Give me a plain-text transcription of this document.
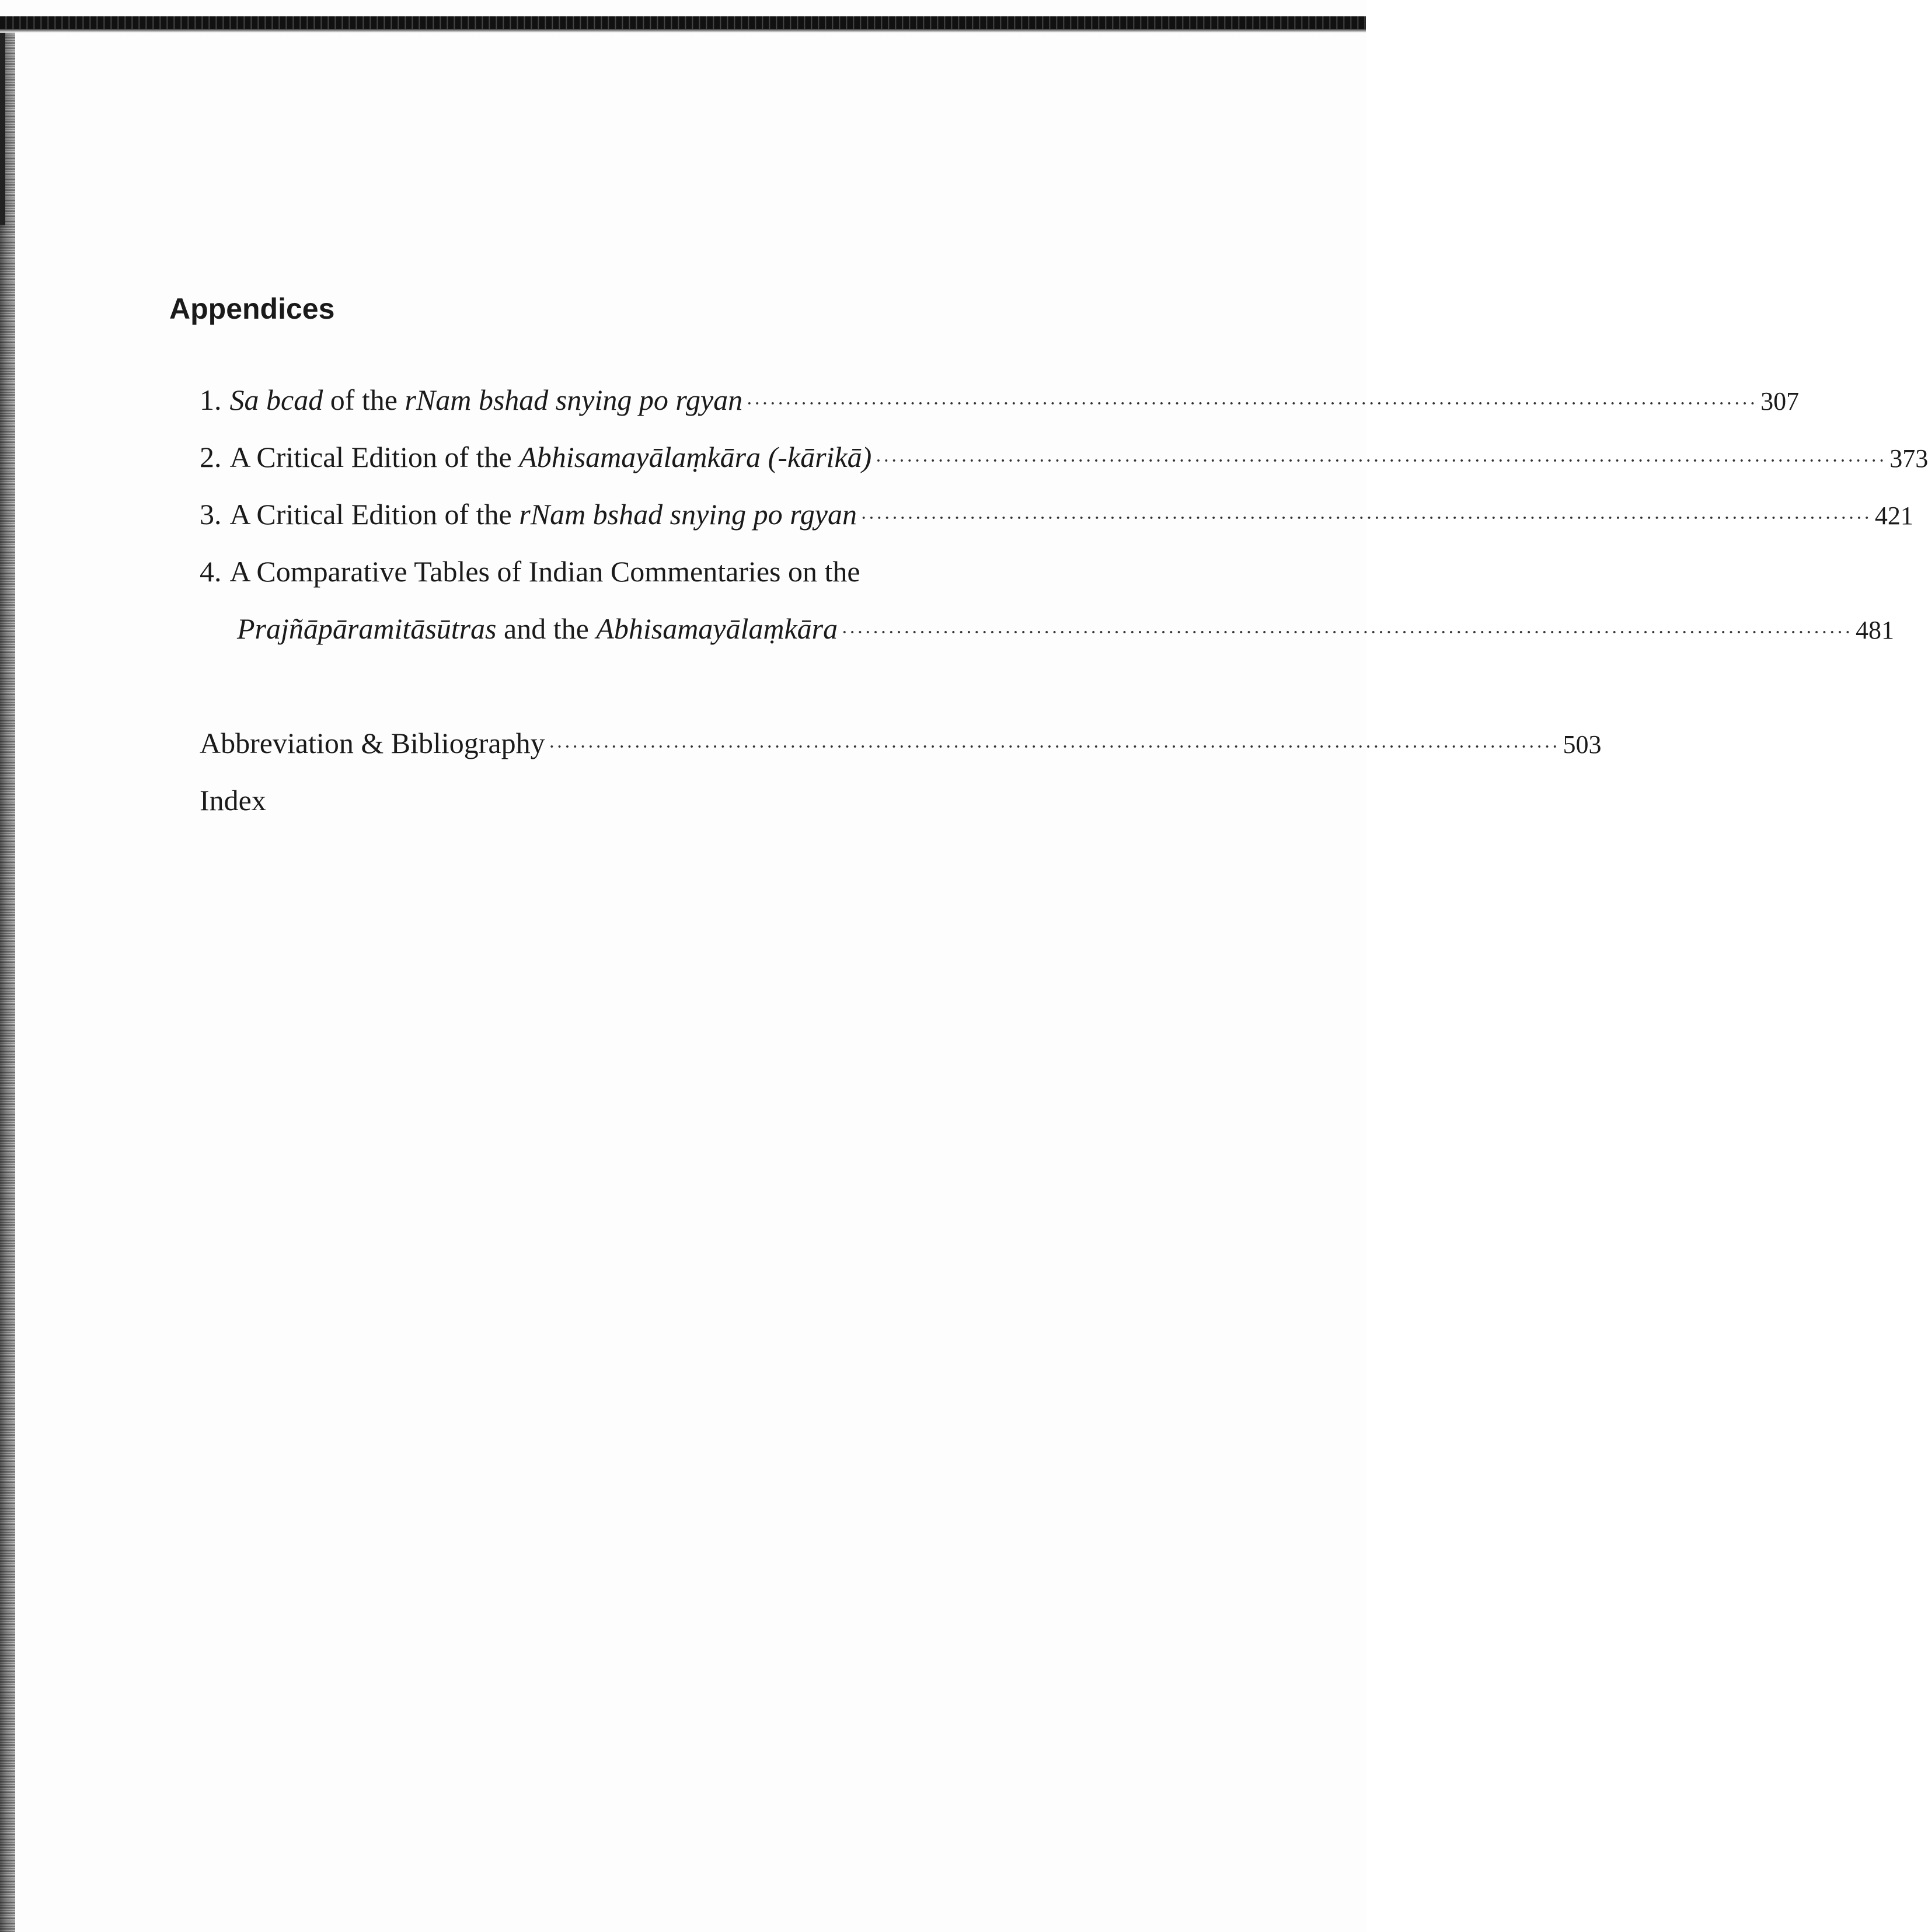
Appendices
1. Sa bcad of the rNam bshad snying po rgyan ·································································································································· 307
2. A Critical Edition of the Abhisamayālaṃkāra (-kārikā) ·································································································································· 373
3. A Critical Edition of the rNam bshad snying po rgyan ·································································································································· 421
4. A Comparative Tables of Indian Commentaries on the
Prajñāpāramitāsūtras and the Abhisamayālaṃkāra ·································································································································· 481
Abbreviation & Bibliography ·································································································································· 503
Index
